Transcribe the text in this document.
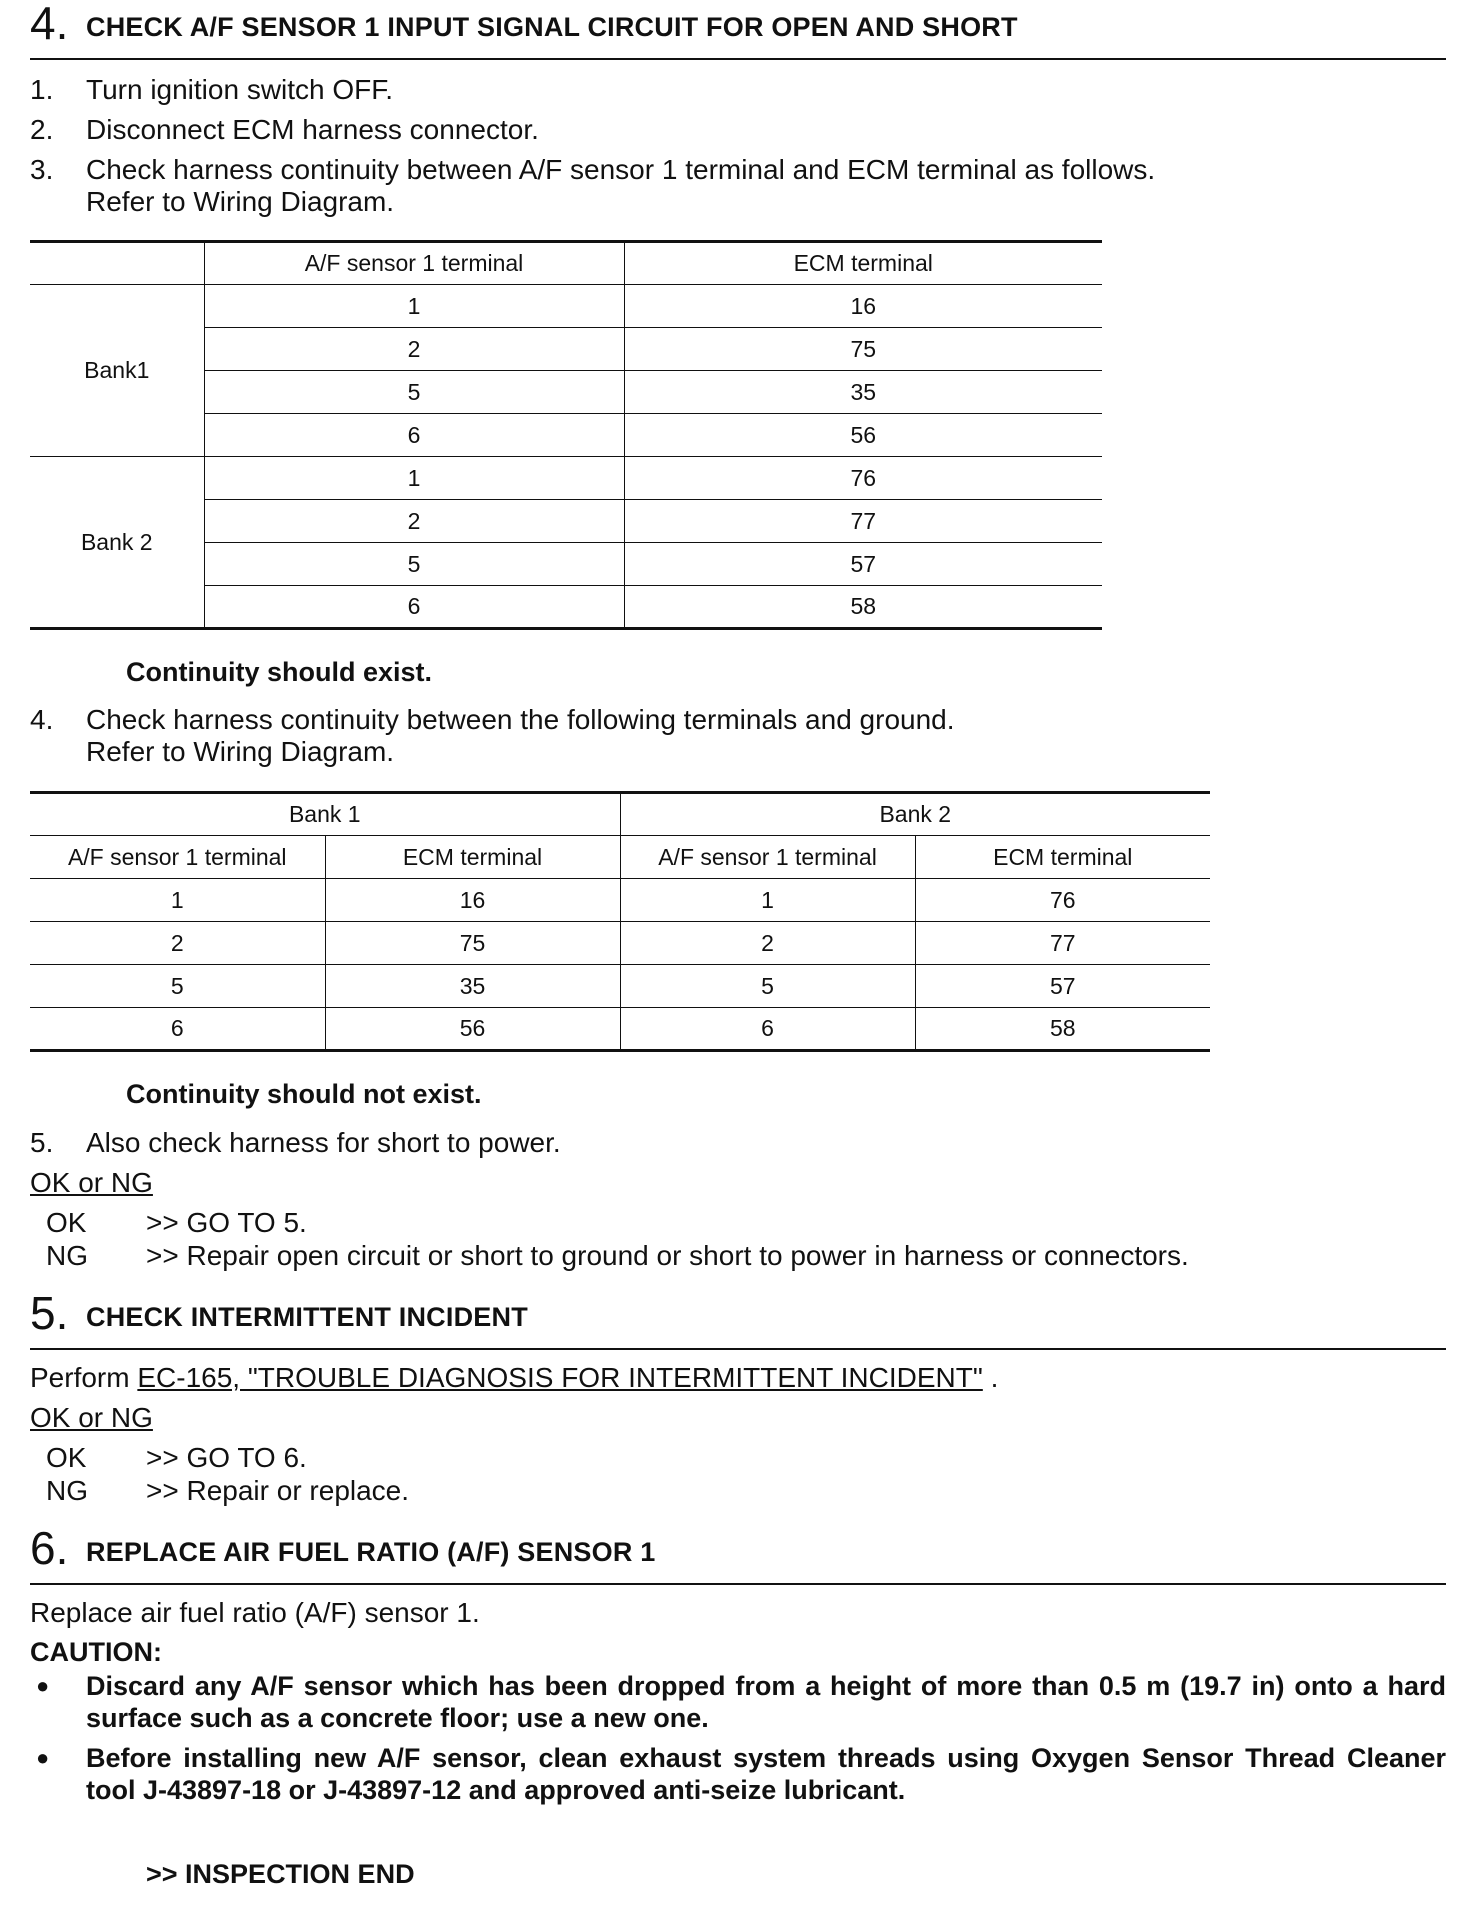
4. CHECK A/F SENSOR 1 INPUT SIGNAL CIRCUIT FOR OPEN AND SHORT
1. Turn ignition switch OFF.
2. Disconnect ECM harness connector.
3. Check harness continuity between A/F sensor 1 terminal and ECM terminal as follows.
Refer to Wiring Diagram.
	A/F sensor 1 terminal	ECM terminal
Bank1	1	16
	2	75
	5	35
	6	56
Bank 2	1	76
	2	77
	5	57
	6	58
Continuity should exist.
4. Check harness continuity between the following terminals and ground.
Refer to Wiring Diagram.
Bank 1		Bank 2	
A/F sensor 1 terminal	ECM terminal	A/F sensor 1 terminal	ECM terminal
1	16	1	76
2	75	2	77
5	35	5	57
6	56	6	58
Continuity should not exist.
5. Also check harness for short to power.
OK or NG
OK >> GO TO 5.
NG >> Repair open circuit or short to ground or short to power in harness or connectors.
5. CHECK INTERMITTENT INCIDENT
Perform EC-165, "TROUBLE DIAGNOSIS FOR INTERMITTENT INCIDENT" .
OK or NG
OK >> GO TO 6.
NG >> Repair or replace.
6. REPLACE AIR FUEL RATIO (A/F) SENSOR 1
Replace air fuel ratio (A/F) sensor 1.
CAUTION:
● Discard any A/F sensor which has been dropped from a height of more than 0.5 m (19.7 in) onto a hard surface such as a concrete floor; use a new one.
● Before installing new A/F sensor, clean exhaust system threads using Oxygen Sensor Thread Cleaner tool J-43897-18 or J-43897-12 and approved anti-seize lubricant.
>> INSPECTION END
